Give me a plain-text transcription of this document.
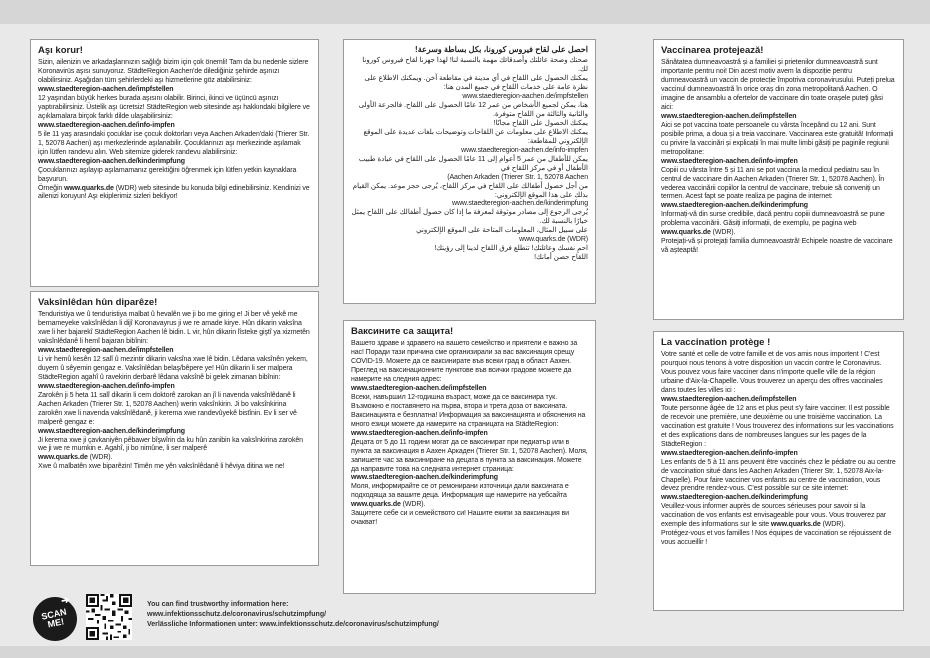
Aşı korur!

Sizin, ailenizin ve arkadaşlarınızın sağlığı bizim için çok önemli! Tam da bu nedenle sizlere Koronavirüs aşısı sunuyoruz. StädteRegion Aachen'de dilediğiniz şehirde aşınızı olabilirsiniz. Aşağıdan tüm şehirlerdeki aşı hizmetlerine göz atabilirsiniz:

www.staedteregion-aachen.de/impfstellen

12 yaşından büyük herkes burada aşısını olabilir. Birinci, ikinci ve üçüncü aşınızı yaptırabilirsiniz. Üstelik aşı ücretsiz! StädteRegion web sitesinde aşı hakkındaki bilgilere ve açıklamalara birçok farklı dilde ulaşabilirsiniz:

www.staedteregion-aachen.de/info-impfen

5 ile 11 yaş arasındaki çocuklar ise çocuk doktorları veya Aachen Arkaden'daki (Trierer Str. 1, 52078 Aachen) aşı merkezlerinde aşılanabilir. Çocuklarınızı aşı merkezinde aşılamak için lütfen randevu alın. Web sitemize giderek randevu alabilirsiniz:

www.staedteregion-aachen.de/kinderimpfung

Çocuklarınızı aşılayıp aşılamamanız gerektiğini öğrenmek için lütfen yetkin kaynaklara başvurun.

Örneğin www.quarks.de (WDR) web sitesinde bu konuda bilgi edinebilirsiniz. Kendinizi ve ailenizi koruyun! Aşı ekiplerimiz sizleri bekliyor!

Vaksînlêdan hûn diparêze!

Tenduristiya we û tenduristiya malbat û hevalên we ji bo me giring e! Ji ber vê yekê me bernameyeke vaksînlêdan li dijî Koronavayrus ji we re amade kirye. Hûn dikarin vaksîna xwe li her bajarekî StädteRegion Aachen lê bidin. L vir, hûn dikarin lîsteke giştî ya xizmetên vaksînlêdanê li hemî bajaran bibînin:

www.staedteregion-aachen.de/impfstellen

Li vir hemû kesên 12 salî û mezintir dikarin vaksîna xwe lê bidin. Lêdana vaksînên yekem, duyem û sêyemin gengaz e. Vaksînlêdan belaş/bêpere ye! Hûn dikarin li ser malpera StädteRegion agahî û ravekirin derbarê lêdana vaksînê bi gelek zimanan bibînin:

www.staedteregion-aachen.de/info-impfen

Zarokên ji 5 heta 11 salî dikarin li cem doktorê zarokan an jî li navenda vaksînlêdanê li Aachen Arkaden (Trierer Str. 1, 52078 Aachen) werin vaksînkirin. Ji bo vaksînkirina zarokên xwe li navenda vaksînlêdanê, ji kerema xwe randevûyekê bistînin. Ev li ser vê malperê gengaz e:

www.staedteregion-aachen.de/kinderimpfung

Ji kerema xwe ji çavkaniyên pêbawer bîşwîrin da ku hûn zanibin ka vaksînkirina zarokên we ji we re mumkin e. Agahî, ji bo nimûne, li ser malperê
www.quarks.de (WDR).

Xwe û malbatên xwe biparêzin! Timên me yên vaksînlêdanê li hêviya ditina we ne!

احصل على لقاح فيروس كورونا، بكل بساطة وسرعة!

صحتك وصحة عائلتك وأصدقائك مهمة بالنسبة لنا! لهذا جهزنا لقاح فيروس كورونا لك.

يمكنك الحصول على اللقاح في أي مدينة في مقاطعة آخن. ويمكنك الاطلاع على نظرة عامة على خدمات اللقاح في جميع المدن هنا:

www.staedteregion-aachen.de/impfstellen

هنا، يمكن لجميع الأشخاص من عمر 12 عامًا الحصول على اللقاح. فالجرعة الأولى والثانية والثالثة من اللقاح متوفرة.

يمكنك الحصول على اللقاح مجانًا!

يمكنك الاطلاع على معلومات عن اللقاحات وتوضيحات بلغات عديدة على الموقع الإلكتروني للمقاطعة:

www.staedteregion-aachen.de/info-impfen

يمكن للأطفال من عمر 5 أعوام إلى 11 عامًا الحصول على اللقاح في عيادة طبيب الأطفال أو في مركز اللقاح في

(Aachen Arkaden (Trierer Str. 1, 52078 Aachen

من أجل حصول أطفالك على اللقاح في مركز اللقاح، يُرجى حجز موعد. يمكن القيام بذلك على هذا الموقع الإلكتروني:

www.staedteregion-aachen.de/kinderimpfung

يُرجى الرجوع إلى مصادر موثوقة لمعرفة ما إذا كان حصول أطفالك على اللقاح يمثل خيارًا بالنسبة لك.

على سبيل المثال، المعلومات المتاحة على الموقع الإلكتروني

www.quarks.de (WDR)

احمِ نفسك وعائلتك! تتطلع فرق اللقاح لدينا إلى رؤيتك!

اللقاح حصن أمانك!

Ваксините са защита!

Вашето здраве и здравето на вашето семейство и приятели е важно за нас! Поради тази причина сме организирали за вас ваксинация срещу COVID-19. Можете да се ваксинирате във всеки град в област Аахен. Преглед на ваксинационните пунктове във всички градове можете да намерите на следния адрес:

www.staedteregion-aachen.de/impfstellen

Всеки, навършил 12-годишна възраст, може да се ваксинира тук. Възможно е поставянето на първа, втора и трета доза от ваксината. Ваксинацията е безплатна! Информация за ваксинацията и обяснения на много езици можете да намерите на страницата на StädteRegion:

www.staedteregion-aachen.de/info-impfen

Децата от 5 до 11 години могат да се ваксинират при педиатър или в пункта за ваксинация в Аахен Аркаден (Trierer Str. 1, 52078 Aachen). Моля, запишете час за ваксиниране на децата в пункта за ваксинация. Можете да направите това на следната интернет страница:

www.staedteregion-aachen.de/kinderimpfung

Моля, информирайте се от ремонирани източници дали ваксината е подходяща за вашите деца. Информация ще намерите на уебсайта
www.quarks.de (WDR).

Защитете себе си и семейството си! Нашите екипи за ваксинация ви очакват!

Vaccinarea protejează!

Sănătatea dumneavoastră și a familiei și prietenilor dumneavoastră sunt importante pentru noi! Din acest motiv avem la dispoziție pentru dumneavoastră un vaccin de protecție împotriva coronavirusului. Puteți prelua vaccinul dumneavoastră în orice oraș din zona metropolitană Aachen. O imagine de ansamblu a ofertelor de vaccinare din toate orașele puteți găsi aici:

www.staedteregion-aachen.de/impfstellen

Aici se pot vaccina toate persoanele cu vârsta începând cu 12 ani. Sunt posibile prima, a doua și a treia vaccinare. Vaccinarea este gratuită! Informații cu privire la vaccinări și explicații în mai multe limbi găsiți pe paginile regiunii metropolitane:

www.staedteregion-aachen.de/info-impfen

Copiii cu vârsta între 5 și 11 ani se pot vaccina la medicul pediatru sau în centrul de vaccinare din Aachen Arkaden (Trierer Str. 1, 52078 Aachen). În vederea vaccinării copiilor la centrul de vaccinare, trebuie să conveniți un termen. Acest fapt se poate realiza pe pagina de internet:

www.staedteregion-aachen.de/kinderimpfung

Informați-vă din surse credibile, dacă pentru copiii dumneavoastră se pune problema vaccinării. Găsiți informații, de exemplu, pe pagina web www.quarks.de (WDR).

Protejați-vă și protejați familia dumneavoastră! Echipele noastre de vaccinare vă așteaptă!

La vaccination protège !

Votre santé et celle de votre famille et de vos amis nous importent ! C'est pourquoi nous tenons à votre disposition un vaccin contre le Coronavirus. Vous pouvez vous faire vacciner dans n'importe quelle ville de la région urbaine d'Aix-la-Chapelle. Vous trouverez un aperçu des offres vaccinales dans toutes les villes ici :

www.staedteregion-aachen.de/impfstellen

Toute personne âgée de 12 ans et plus peut s'y faire vacciner. Il est possible de recevoir une première, une deuxième ou une troisième vaccination. La vaccination est gratuite ! Vous trouverez des informations sur les vaccinations et des explications dans de nombreuses langues sur les pages de la StädteRegion :

www.staedteregion-aachen.de/info-impfen

Les enfants de 5 à 11 ans peuvent être vaccinés chez le pédiatre ou au centre de vaccination situé dans les Aachen Arkaden (Trierer Str. 1, 52078 Aix-la-Chapelle). Pour faire vacciner vos enfants au centre de vaccination, vous devez prendre rendez-vous. C'est possible sur ce site internet:

www.staedteregion-aachen.de/kinderimpfung

Veuillez-vous informer auprès de sources sérieuses pour savoir si la vaccination de vos enfants est envisageable pour vous. Vous trouverez par exemple des informations sur le site www.quarks.de (WDR).

Protégez-vous et vos familles ! Nos équipes de vaccination se réjouissent de vous accueillir !

➜
SCAN ME!

You can find trustworthy information here:

www.infektionsschutz.de/coronavirus/schutzimpfung/

Verlässliche Informationen unter: www.infektionsschutz.de/coronavirus/schutzimpfung/
